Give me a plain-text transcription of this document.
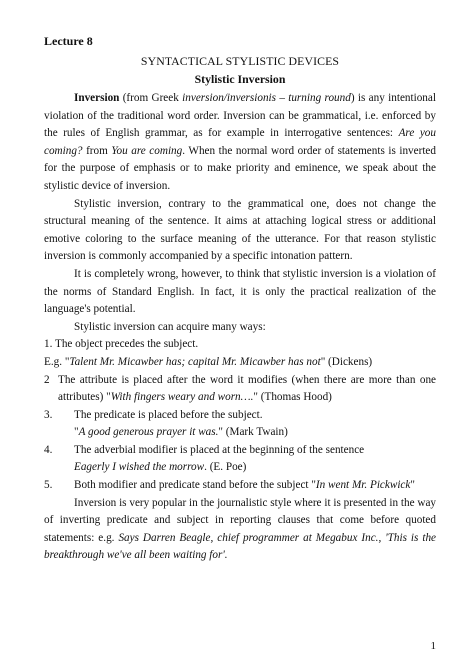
Lecture 8
SYNTACTICAL STYLISTIC DEVICES
Stylistic Inversion

Inversion (from Greek inversion/inversionis – turning round) is any intentional violation of the traditional word order. Inversion can be grammatical, i.e. enforced by the rules of English grammar, as for example in interrogative sentences: Are you coming? from You are coming. When the normal word order of statements is inverted for the purpose of emphasis or to make priority and eminence, we speak about the stylistic device of inversion.

Stylistic inversion, contrary to the grammatical one, does not change the structural meaning of the sentence. It aims at attaching logical stress or additional emotive coloring to the surface meaning of the utterance. For that reason stylistic inversion is commonly accompanied by a specific intonation pattern.

It is completely wrong, however, to think that stylistic inversion is a violation of the norms of Standard English. In fact, it is only the practical realization of the language's potential.

Stylistic inversion can acquire many ways:

1. The object precedes the subject.
E.g. "Talent Mr. Micawber has; capital Mr. Micawber has not" (Dickens)
2 The attribute is placed after the word it modifies (when there are more than one attributes) "With fingers weary and worn…." (Thomas Hood)
3.	The predicate is placed before the subject.
"A good generous prayer it was." (Mark Twain)
4.	The adverbial modifier is placed at the beginning of the sentence
Eagerly I wished the morrow. (E. Poe)
5.	Both modifier and predicate stand before the subject "In went Mr. Pickwick"

Inversion is very popular in the journalistic style where it is presented in the way of inverting predicate and subject in reporting clauses that come before quoted statements: e.g. Says Darren Beagle, chief programmer at Megabux Inc., 'This is the breakthrough we've all been waiting for'.

1
